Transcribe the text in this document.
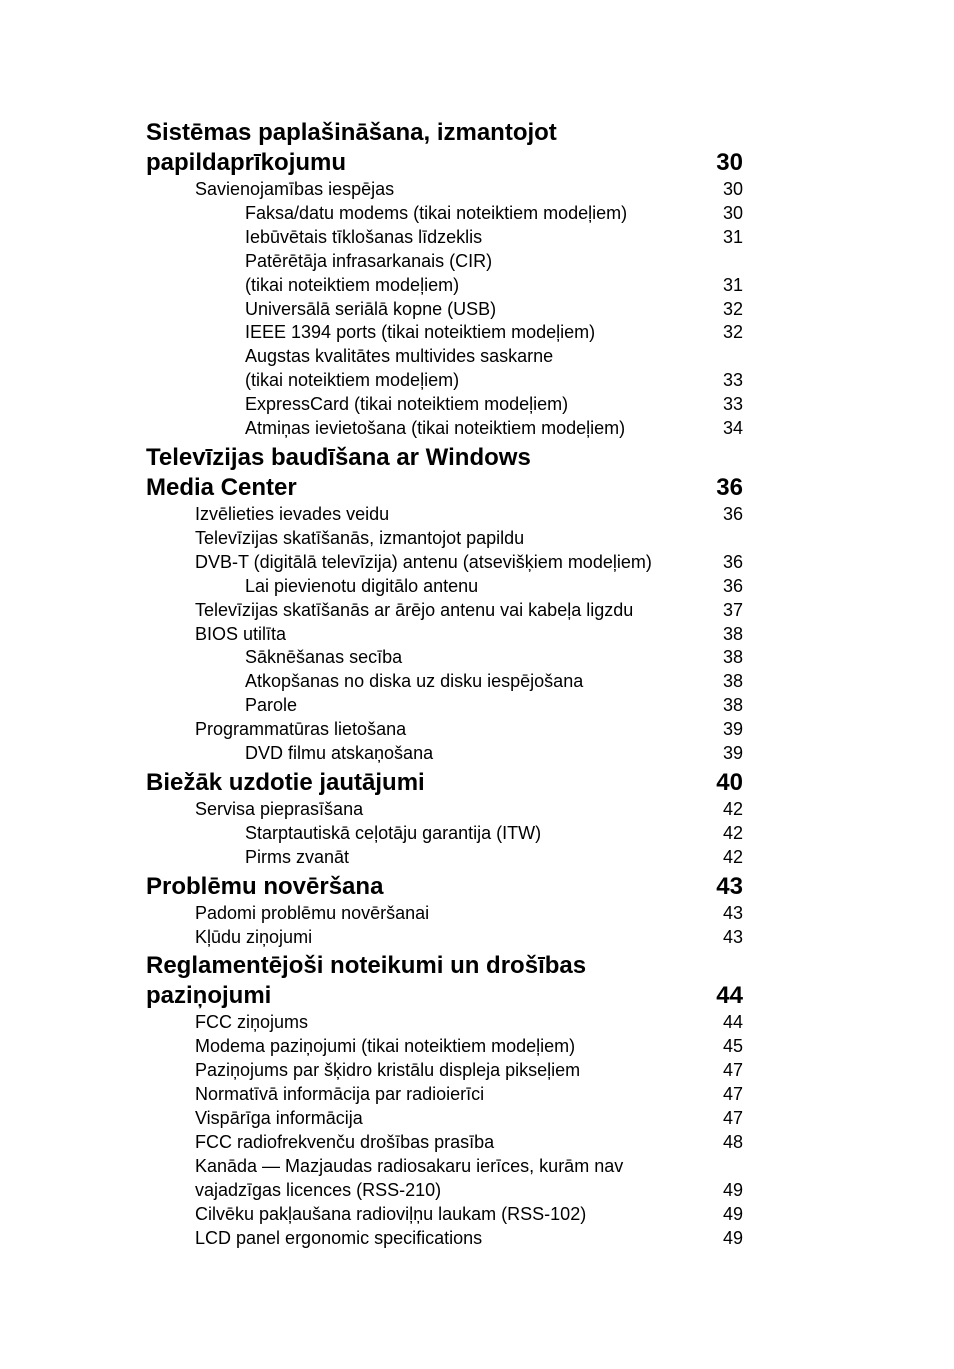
Sistēmas paplašināšana, izmantojot
papildaprīkojumu	30
Savienojamības iespējas	30
Faksa/datu modems (tikai noteiktiem modeļiem)	30
Iebūvētais tīklošanas līdzeklis	31
Patērētāja infrasarkanais (CIR)
(tikai noteiktiem modeļiem)	31
Universālā seriālā kopne (USB)	32
IEEE 1394 ports (tikai noteiktiem modeļiem)	32
Augstas kvalitātes multivides saskarne
(tikai noteiktiem modeļiem)	33
ExpressCard (tikai noteiktiem modeļiem)	33
Atmiņas ievietošana (tikai noteiktiem modeļiem)	34
Televīzijas baudīšana ar Windows
Media Center	36
Izvēlieties ievades veidu	36
Televīzijas skatīšanās, izmantojot papildu
DVB-T (digitālā televīzija) antenu (atsevišķiem modeļiem)	36
Lai pievienotu digitālo antenu	36
Televīzijas skatīšanās ar ārējo antenu vai kabeļa ligzdu	37
BIOS utilīta	38
Sāknēšanas secība	38
Atkopšanas no diska uz disku iespējošana	38
Parole	38
Programmatūras lietošana	39
DVD filmu atskaņošana	39
Biežāk uzdotie jautājumi	40
Servisa pieprasīšana	42
Starptautiskā ceļotāju garantija (ITW)	42
Pirms zvanāt	42
Problēmu novēršana	43
Padomi problēmu novēršanai	43
Kļūdu ziņojumi	43
Reglamentējoši noteikumi un drošības
paziņojumi	44
FCC ziņojums	44
Modema paziņojumi (tikai noteiktiem modeļiem)	45
Paziņojums par šķidro kristālu displeja pikseļiem	47
Normatīvā informācija par radioierīci	47
Vispārīga informācija	47
FCC radiofrekvenču drošības prasība	48
Kanāda — Mazjaudas radiosakaru ierīces, kurām nav
vajadzīgas licences (RSS-210)	49
Cilvēku pakļaušana radioviļņu laukam (RSS-102)	49
LCD panel ergonomic specifications	49
